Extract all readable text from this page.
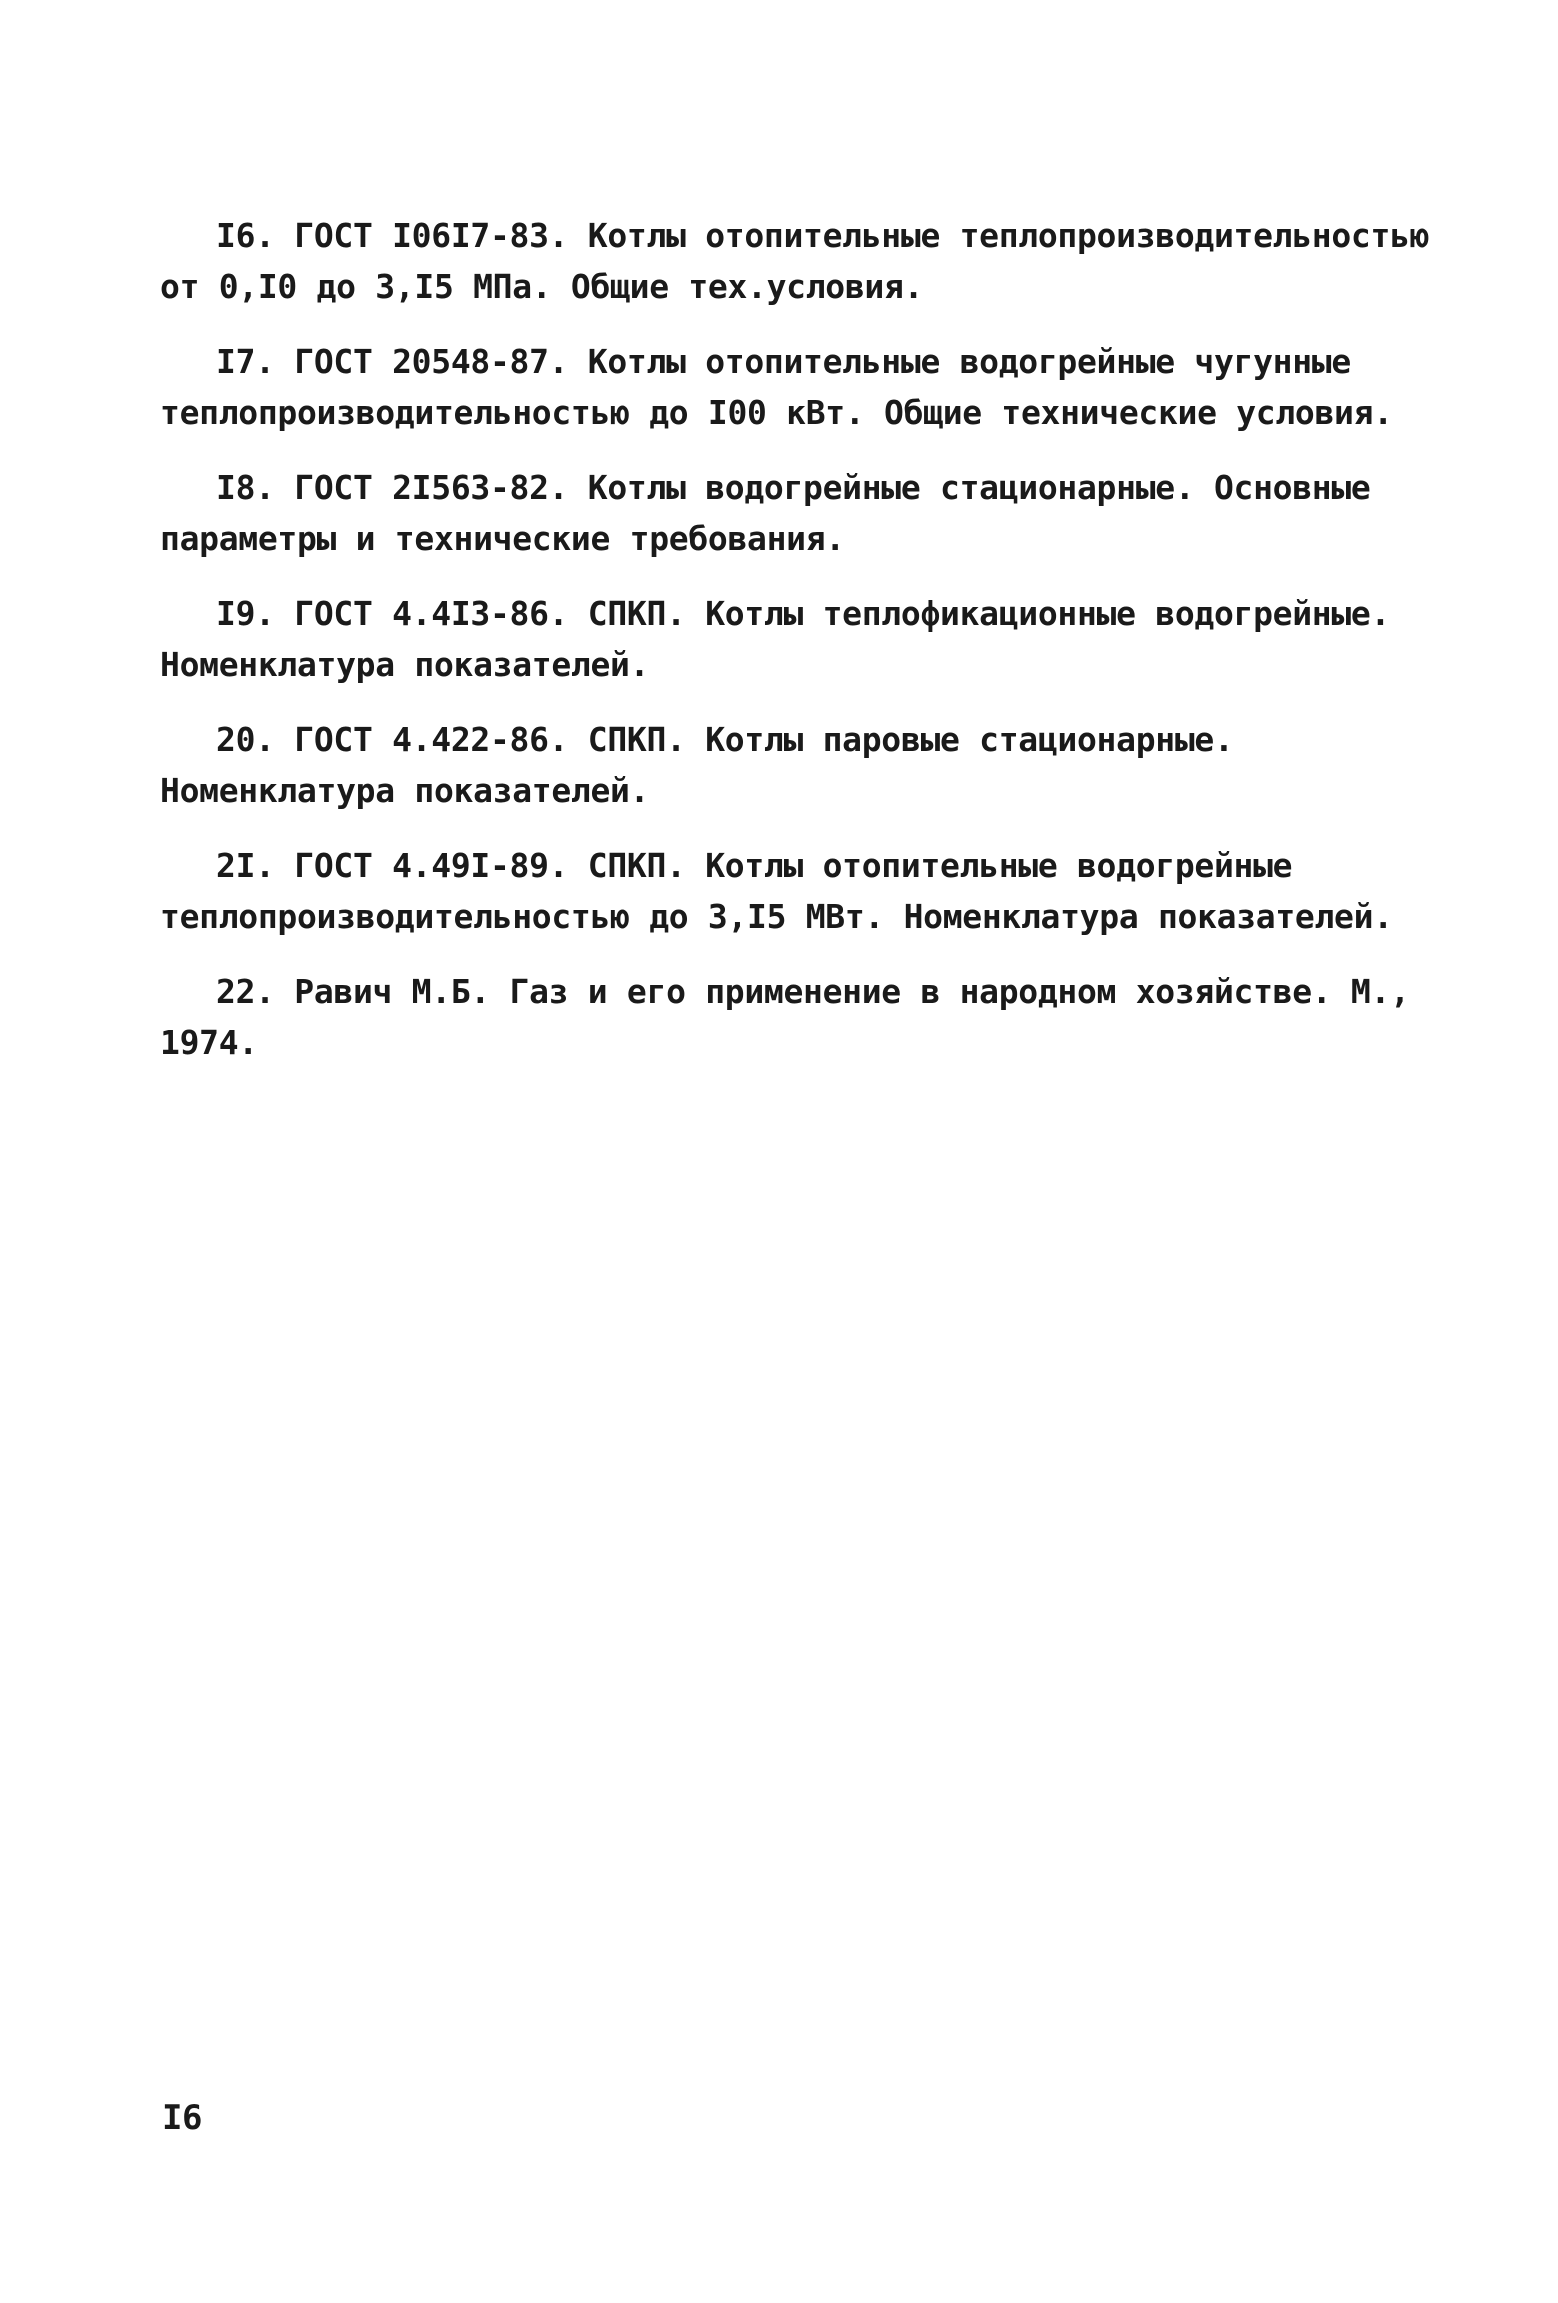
I6. ГОСТ I06I7-83. Котлы отопительные теплопроизводительностью от 0,I0 до 3,I5 МПа. Общие тех.условия.

I7. ГОСТ 20548-87. Котлы отопительные водогрейные чугунные теплопроизводительностью до I00 кВт. Общие технические условия.

I8. ГОСТ 2I563-82. Котлы водогрейные стационарные. Основные параметры и технические требования.

I9. ГОСТ 4.4I3-86. СПКП. Котлы теплофикационные водогрейные. Номенклатура показателей.

20. ГОСТ 4.422-86. СПКП. Котлы паровые стационарные. Номенклатура показателей.

2I. ГОСТ 4.49I-89. СПКП. Котлы отопительные водогрейные теплопроизводительностью до 3,I5 МВт. Номенклатура показателей.

22. Равич М.Б. Газ и его применение в народном хозяйстве. М., 1974.

I6
